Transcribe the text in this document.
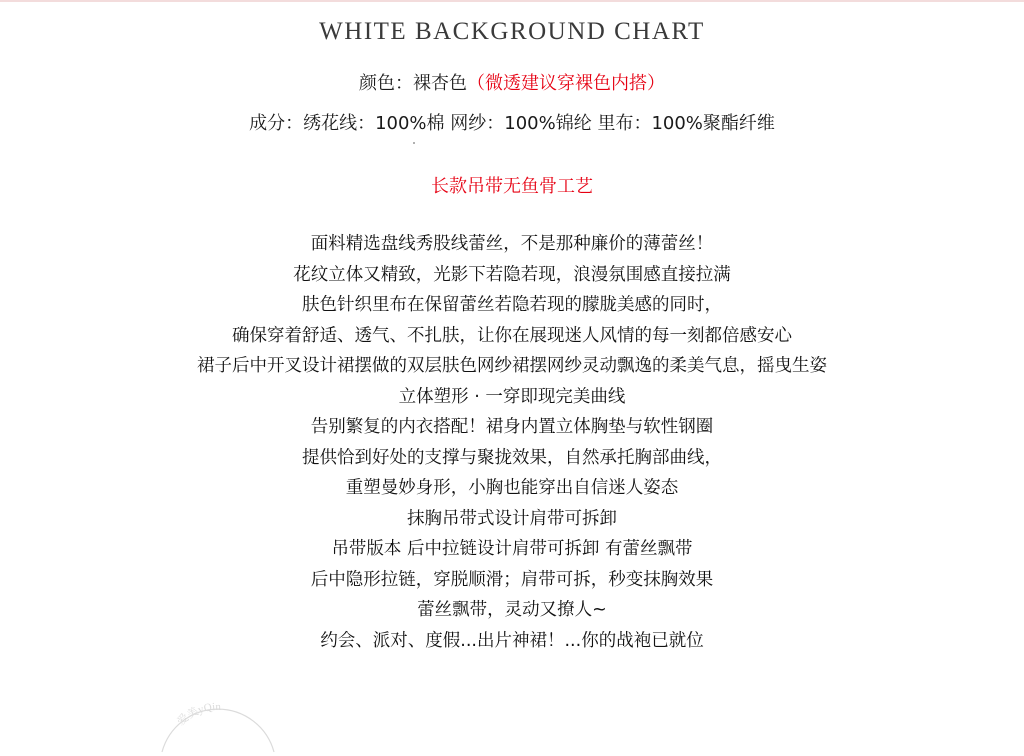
WHITE BACKGROUND CHART
颜色：裸杏色（微透建议穿裸色内搭）
成分：绣花线：100%棉 网纱：100%锦纶 里布：100%聚酯纤维
长款吊带无鱼骨工艺
面料精选盘线秀股线蕾丝，不是那种廉价的薄蕾丝！
花纹立体又精致，光影下若隐若现，浪漫氛围感直接拉满
肤色针织里布在保留蕾丝若隐若现的朦胧美感的同时，
确保穿着舒适、透气、不扎肤，让你在展现迷人风情的每一刻都倍感安心
裙子后中开叉设计裙摆做的双层肤色网纱裙摆网纱灵动飘逸的柔美气息，摇曳生姿
立体塑形 · 一穿即现完美曲线
告别繁复的内衣搭配！裙身内置立体胸垫与软性钢圈
提供恰到好处的支撑与聚拢效果，自然承托胸部曲线，
重塑曼妙身形，小胸也能穿出自信迷人姿态
抹胸吊带式设计肩带可拆卸
吊带版本 后中拉链设计肩带可拆卸 有蕾丝飘带
后中隐形拉链，穿脱顺滑；肩带可拆，秒变抹胸效果
蕾丝飘带，灵动又撩人~
约会、派对、度假...出片神裙！...你的战袍已就位
爱美yQin
